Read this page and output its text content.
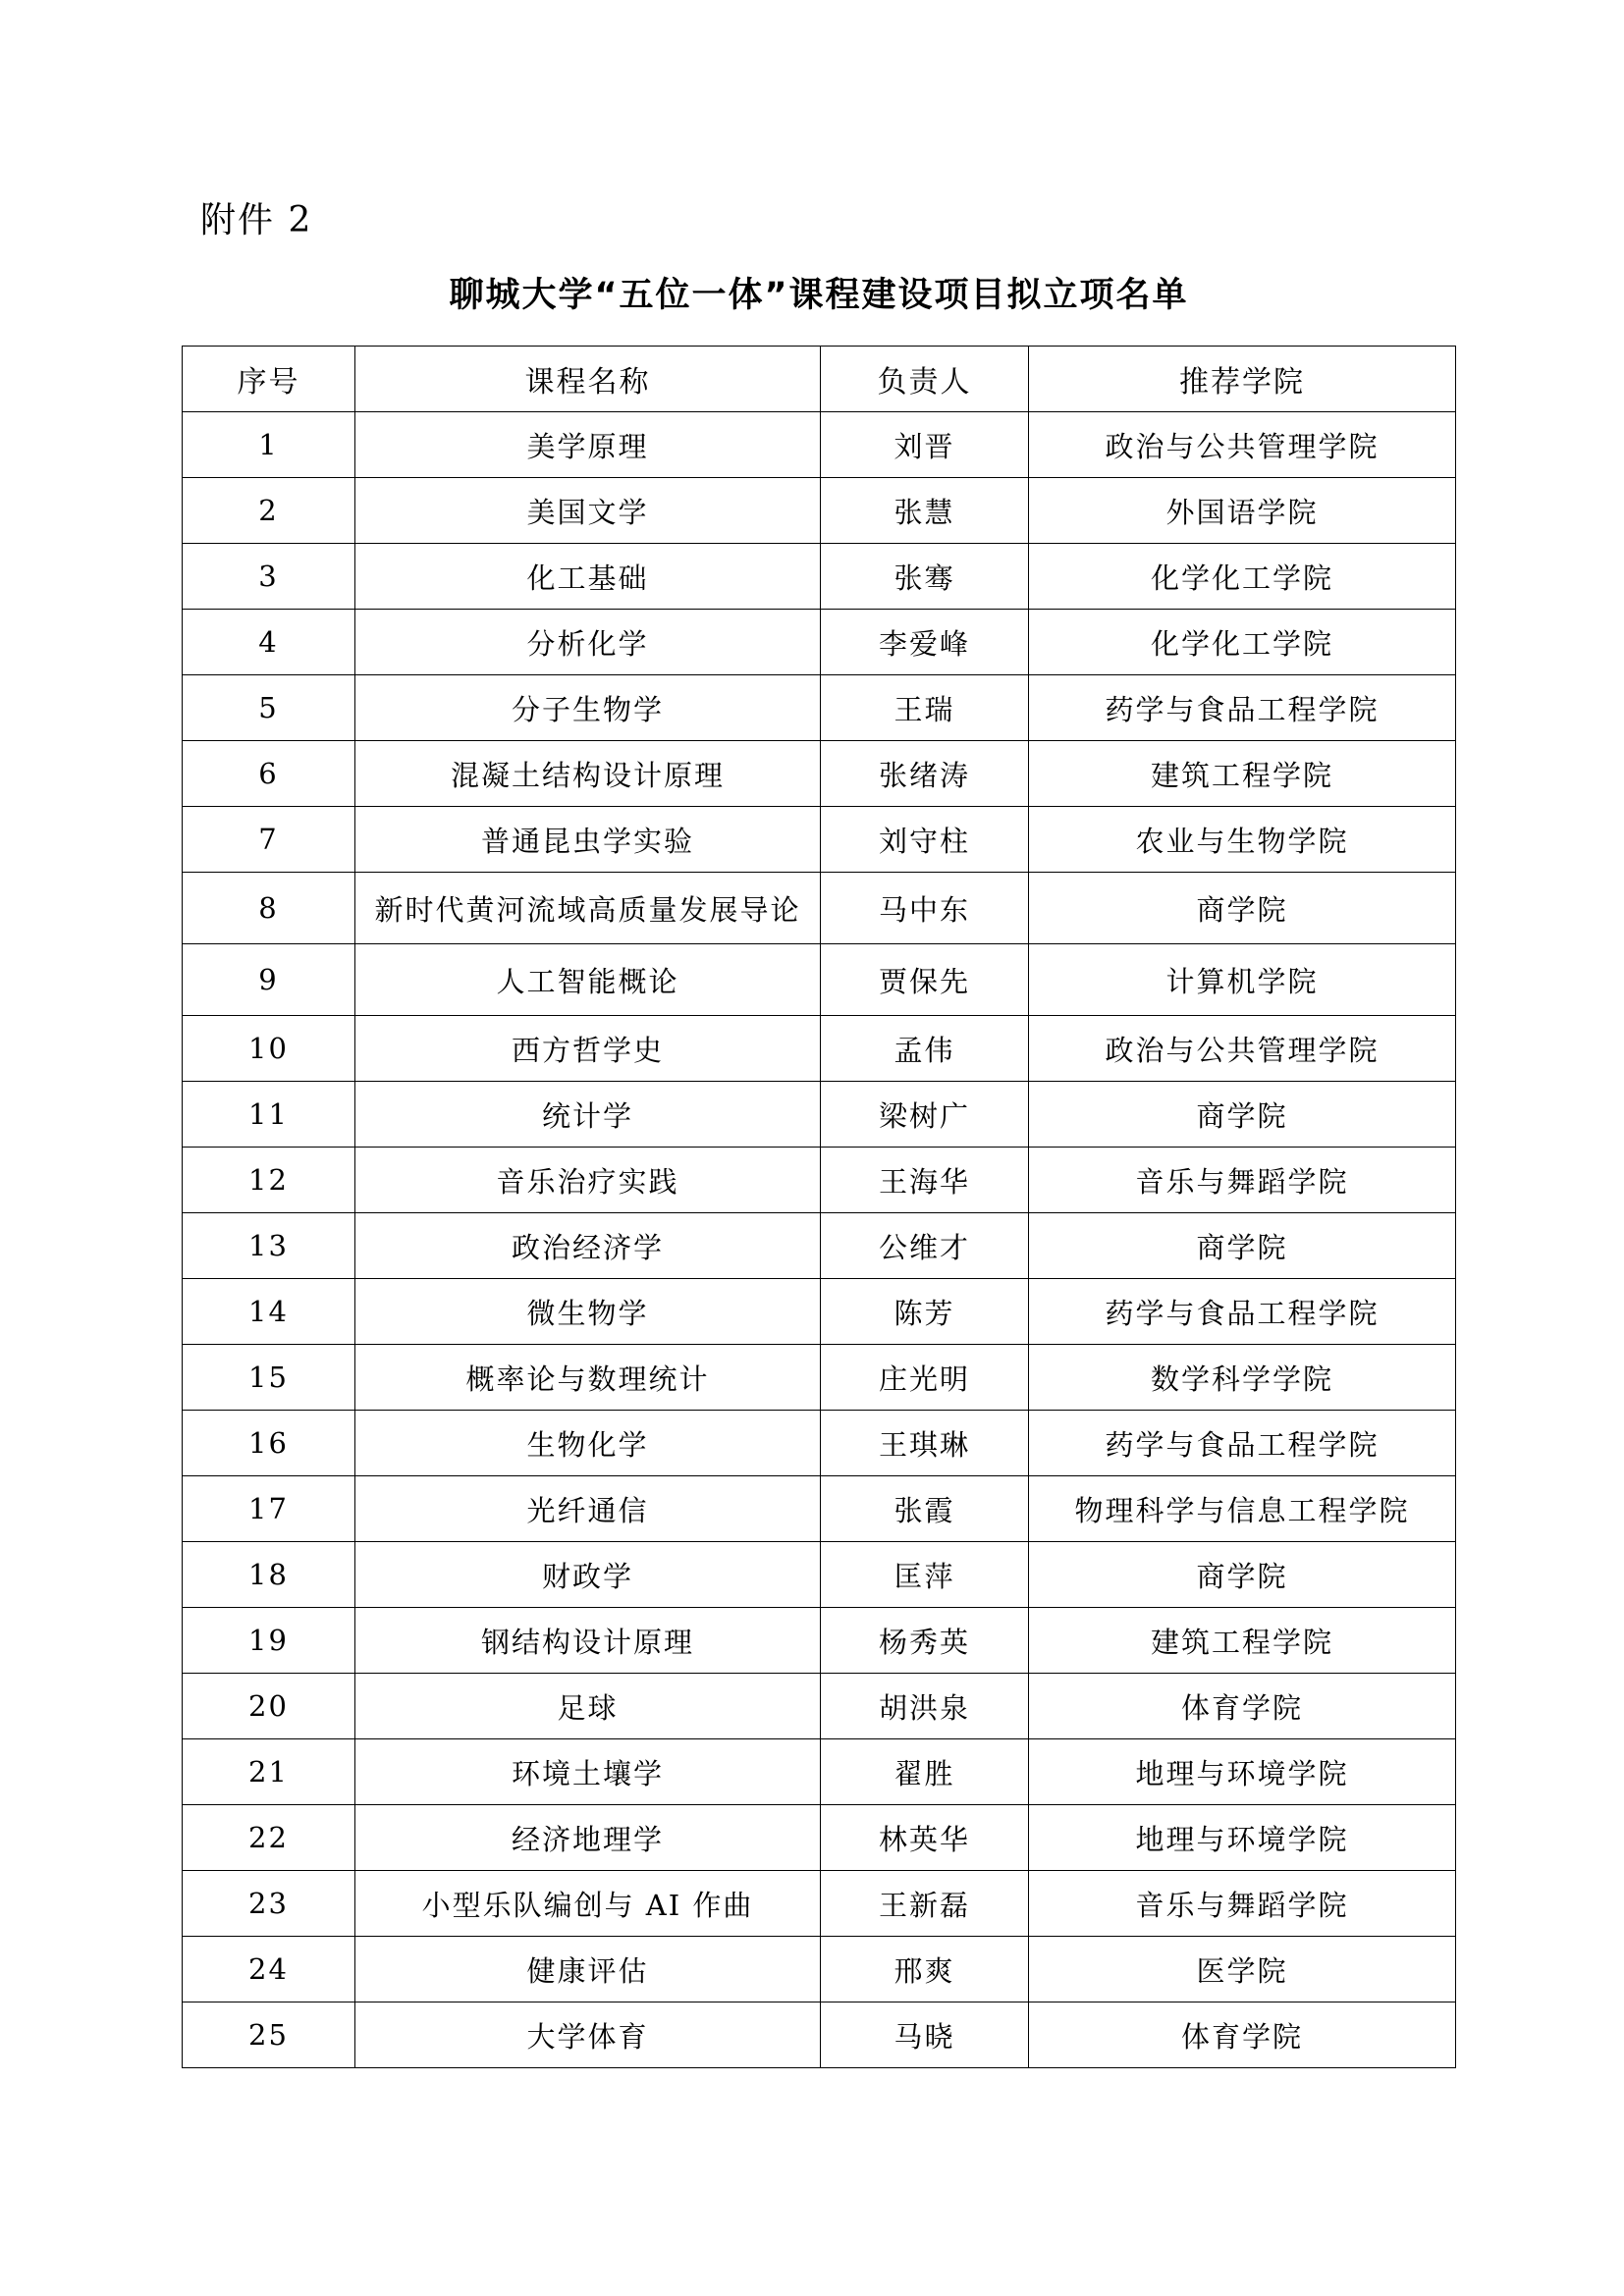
附件 2
聊城大学“五位一体”课程建设项目拟立项名单
序号	课程名称	负责人	推荐学院
1	美学原理	刘晋	政治与公共管理学院
2	美国文学	张慧	外国语学院
3	化工基础	张骞	化学化工学院
4	分析化学	李爱峰	化学化工学院
5	分子生物学	王瑞	药学与食品工程学院
6	混凝土结构设计原理	张绪涛	建筑工程学院
7	普通昆虫学实验	刘守柱	农业与生物学院
8	新时代黄河流域高质量发展导论	马中东	商学院
9	人工智能概论	贾保先	计算机学院
10	西方哲学史	孟伟	政治与公共管理学院
11	统计学	梁树广	商学院
12	音乐治疗实践	王海华	音乐与舞蹈学院
13	政治经济学	公维才	商学院
14	微生物学	陈芳	药学与食品工程学院
15	概率论与数理统计	庄光明	数学科学学院
16	生物化学	王琪琳	药学与食品工程学院
17	光纤通信	张霞	物理科学与信息工程学院
18	财政学	匡萍	商学院
19	钢结构设计原理	杨秀英	建筑工程学院
20	足球	胡洪泉	体育学院
21	环境土壤学	翟胜	地理与环境学院
22	经济地理学	林英华	地理与环境学院
23	小型乐队编创与 AI 作曲	王新磊	音乐与舞蹈学院
24	健康评估	邢爽	医学院
25	大学体育	马晓	体育学院
